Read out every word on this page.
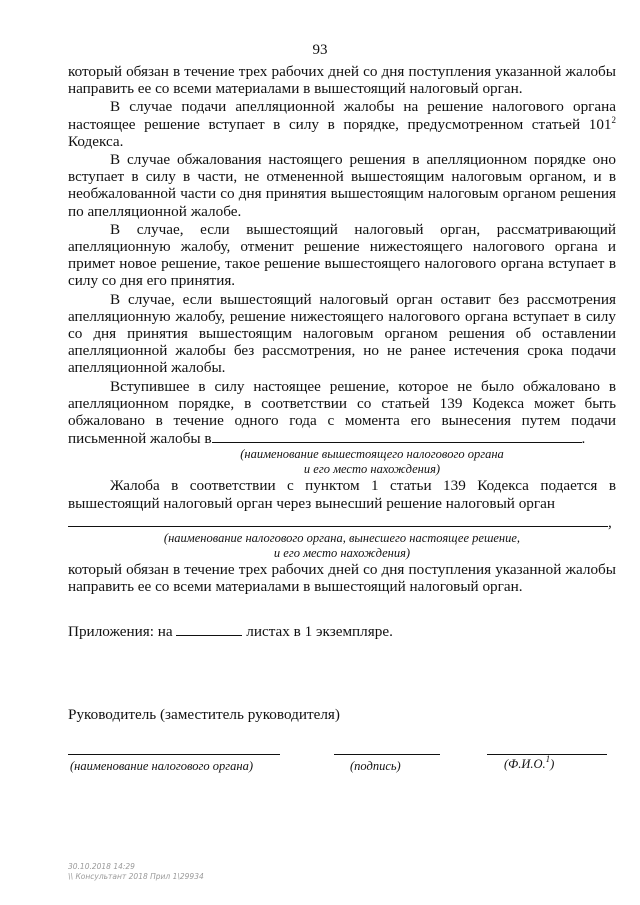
93

который обязан в течение трех рабочих дней со дня поступления указанной жалобы направить ее со всеми материалами в вышестоящий налоговый орган.

В случае подачи апелляционной жалобы на решение налогового органа настоящее решение вступает в силу в порядке, предусмотренном статьей $101^2$ Кодекса.

В случае обжалования настоящего решения в апелляционном порядке оно вступает в силу в части, не отмененной вышестоящим налоговым органом, и в необжалованной части со дня принятия вышестоящим налоговым органом решения по апелляционной жалобе.

В случае, если вышестоящий налоговый орган, рассматривающий апелляционную жалобу, отменит решение нижестоящего налогового органа и примет новое решение, такое решение вышестоящего налогового органа вступает в силу со дня его принятия.

В случае, если вышестоящий налоговый орган оставит без рассмотрения апелляционную жалобу, решение нижестоящего налогового органа вступает в силу со дня принятия вышестоящим налоговым органом решения об оставлении апелляционной жалобы без рассмотрения, но не ранее истечения срока подачи апелляционной жалобы.

Вступившее в силу настоящее решение, которое не было обжаловано в апелляционном порядке, в соответствии со статьей 139 Кодекса может быть обжаловано в течение одного года с момента его вынесения путем подачи письменной жалобы в	.

(наименование вышестоящего налогового органа

и его место нахождения)

Жалоба в соответствии с пунктом 1 статьи 139 Кодекса подается в вышестоящий налоговый орган через вынесший решение налоговый орган

,

(наименование налогового органа, вынесшего настоящее решение,

и его место нахождения)

который обязан в течение трех рабочих дней со дня поступления указанной жалобы направить ее со всеми материалами в вышестоящий налоговый орган.

Приложения: на	листах в 1 экземпляре.
Руководитель (заместитель руководителя)
(наименование налогового органа)	(подпись)	(Ф.И.О.$^1$)
30.10.2018 14:29
\\ Консультант 2018 Прил 1\29934
